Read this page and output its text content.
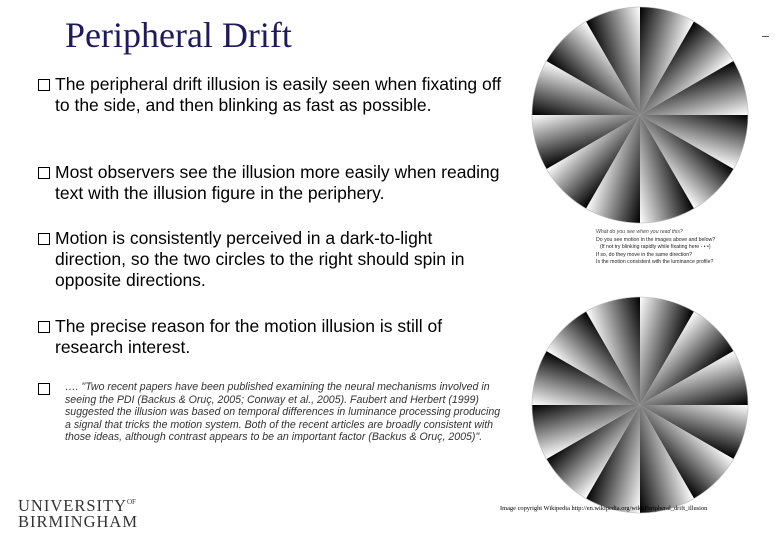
Peripheral Drift
The peripheral drift illusion is easily seen when fixating off to the side, and then blinking as fast as possible.
Most observers see the illusion more easily when reading text with the illusion figure in the periphery.
Motion is consistently perceived in a dark-to-light direction, so the two circles to the right should spin in opposite directions.
The precise reason for the motion illusion is still of research interest.
…. "Two recent papers have been published examining the neural mechanisms involved in seeing the PDI (Backus & Oruç, 2005; Conway et al., 2005). Faubert and Herbert (1999) suggested the illusion was based on temporal differences in luminance processing producing a signal that tricks the motion system. Both of the recent articles are broadly consistent with those ideas, although contrast appears to be an important factor (Backus & Oruç, 2005)".
What do you see when you read this?
Do you see motion in the images above and below?
(If not try blinking rapidly while fixating here - • •)
If so, do they move in the same direction?
Is the motion consistent with the luminance profile?
$UNIVERSITY^{OF}$
BIRMINGHAM
Image copyright Wikipedia http://en.wikipedia.org/wiki/Peripheral_drift_illusion
